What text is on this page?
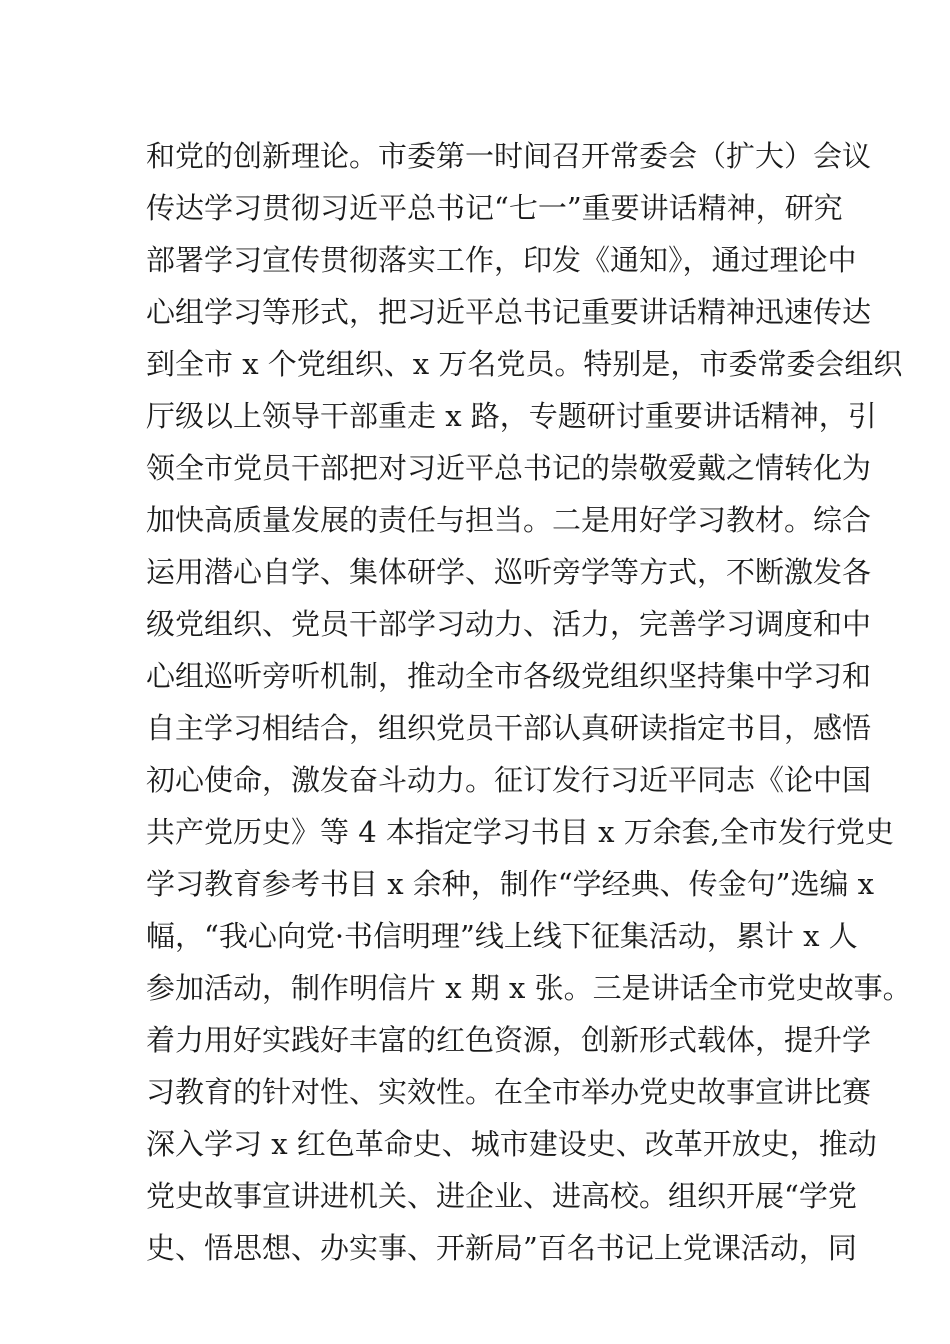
和党的创新理论。市委第一时间召开常委会（扩大）会议
传达学习贯彻习近平总书记“七一”重要讲话精神，研究
部署学习宣传贯彻落实工作，印发《通知》，通过理论中
心组学习等形式，把习近平总书记重要讲话精神迅速传达
到全市 x 个党组织、x 万名党员。特别是，市委常委会组织
厅级以上领导干部重走 x 路，专题研讨重要讲话精神，引
领全市党员干部把对习近平总书记的崇敬爱戴之情转化为
加快高质量发展的责任与担当。二是用好学习教材。综合
运用潜心自学、集体研学、巡听旁学等方式，不断激发各
级党组织、党员干部学习动力、活力，完善学习调度和中
心组巡听旁听机制，推动全市各级党组织坚持集中学习和
自主学习相结合，组织党员干部认真研读指定书目，感悟
初心使命，激发奋斗动力。征订发行习近平同志《论中国
共产党历史》等 4 本指定学习书目 x 万余套,全市发行党史
学习教育参考书目 x 余种，制作“学经典、传金句”选编 x
幅，“我心向党·书信明理”线上线下征集活动，累计 x 人
参加活动，制作明信片 x 期 x 张。三是讲话全市党史故事。
着力用好实践好丰富的红色资源，创新形式载体，提升学
习教育的针对性、实效性。在全市举办党史故事宣讲比赛
深入学习 x 红色革命史、城市建设史、改革开放史，推动
党史故事宣讲进机关、进企业、进高校。组织开展“学党
史、悟思想、办实事、开新局”百名书记上党课活动，同
